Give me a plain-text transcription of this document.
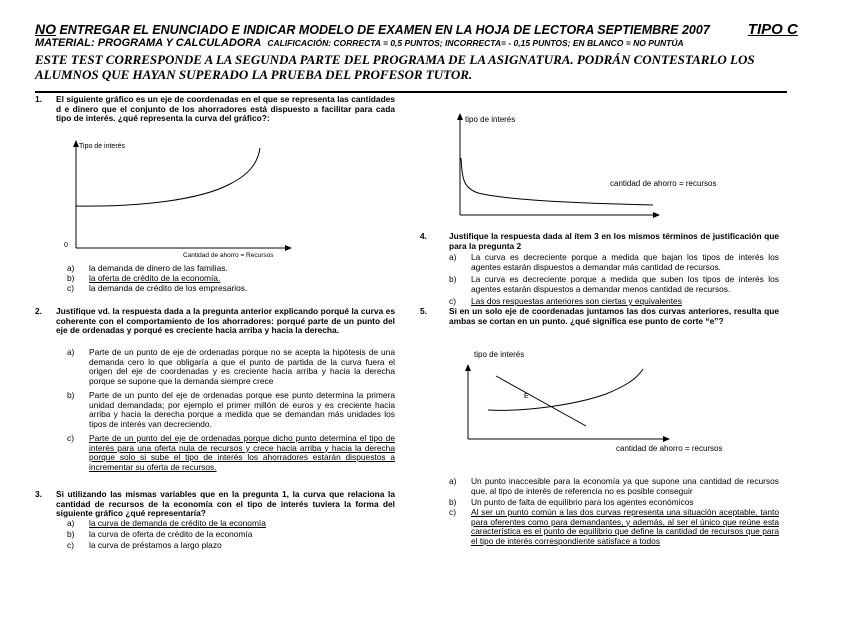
NO ENTREGAR EL ENUNCIADO E INDICAR MODELO DE EXAMEN EN LA HOJA DE LECTORA SEPTIEMBRE 2007	TIPO C
MATERIAL: PROGRAMA Y CALCULADORA CALIFICACIÓN: CORRECTA = 0,5 PUNTOS; INCORRECTA= - 0,15 PUNTOS; EN BLANCO = NO PUNTÚA
ESTE TEST CORRESPONDE A LA SEGUNDA PARTE DEL PROGRAMA DE LA ASIGNATURA. PODRÁN CONTESTARLO LOS ALUMNOS QUE HAYAN SUPERADO LA PRUEBA DEL PROFESOR TUTOR.
1. El siguiente gráfico es un eje de coordenadas en el que se representa las cantidades d e dinero que el conjunto de los ahorradores está dispuesto a facilitar para cada tipo de interés. ¿qué representa la curva del gráfico?:
Tipo de interés
0
Cantidad de ahorro = Recursos
a) la demanda de dinero de las familias.
b) la oferta de crédito de la economía.
c) la demanda de crédito de los empresarios.
2. Justifique vd. la respuesta dada a la pregunta anterior explicando porqué la curva es coherente con el comportamiento de los ahorradores: porqué parte de un punto del eje de ordenadas y porqué es creciente hacia arriba y hacia la derecha.
a) Parte de un punto de eje de ordenadas porque no se acepta la hipótesis de una demanda cero lo que obligaría a que el punto de partida de la curva fuera el origen del eje de coordenadas y es creciente hacia arriba y hacia la derecha porque se supone que la demanda siempre crece
b) Parte de un punto del eje de ordenadas porque ese punto determina la primera unidad demandada; por ejemplo el primer millón de euros y es creciente hacia arriba y hacia la derecha porque a medida que se demandan más unidades los tipos de interés van decreciendo.
c) Parte de un punto del eje de ordenadas porque dicho punto determina el tipo de interés para una oferta nula de recursos y crece hacia arriba y hacia la derecha porque solo si sube el tipo de interés los ahorradores estarán dispuestos a incrementar su oferta de recursos.
3. Si utilizando las mismas variables que en la pregunta 1, la curva que relaciona la cantidad de recursos de la economía con el tipo de interés tuviera la forma del siguiente gráfico ¿qué representaría?
a) la curva de demanda de crédito de la economía
b) la curva de oferta de crédito de la economía
c) la curva de préstamos a largo plazo
tipo de interés
cantidad de ahorro = recursos
4.	Justifique la respuesta dada al ítem 3 en los mismos términos de justificación que para la pregunta 2
a) La curva es decreciente porque a medida que bajan los tipos de interés los agentes estarán dispuestos a demandar más cantidad de recursos.
b) La curva es decreciente porque a medida que suben los tipos de interés los agentes estarán dispuestos a demandar menos cantidad de recursos.
c) Las dos respuestas anteriores son ciertas y equivalentes
5.	Si en un solo eje de coordenadas juntamos las dos curvas anteriores, resulta que ambas se cortan en un punto. ¿qué significa ese punto de corte “e”?
tipo de interés
E
cantidad de ahorro = recursos
a) Un punto inaccesible para la economía ya que supone una cantidad de recursos que, al tipo de interés de referencia no es posible conseguir
b) Un punto de falta de equilibrio para los agentes económicos
c) Al ser un punto común a las dos curvas representa una situación aceptable, tanto para oferentes como para demandantes, y además, al ser el único que reúne esta característica es el punto de equilibrio que define la cantidad de recursos que para el tipo de interés correspondiente satisface a todos
